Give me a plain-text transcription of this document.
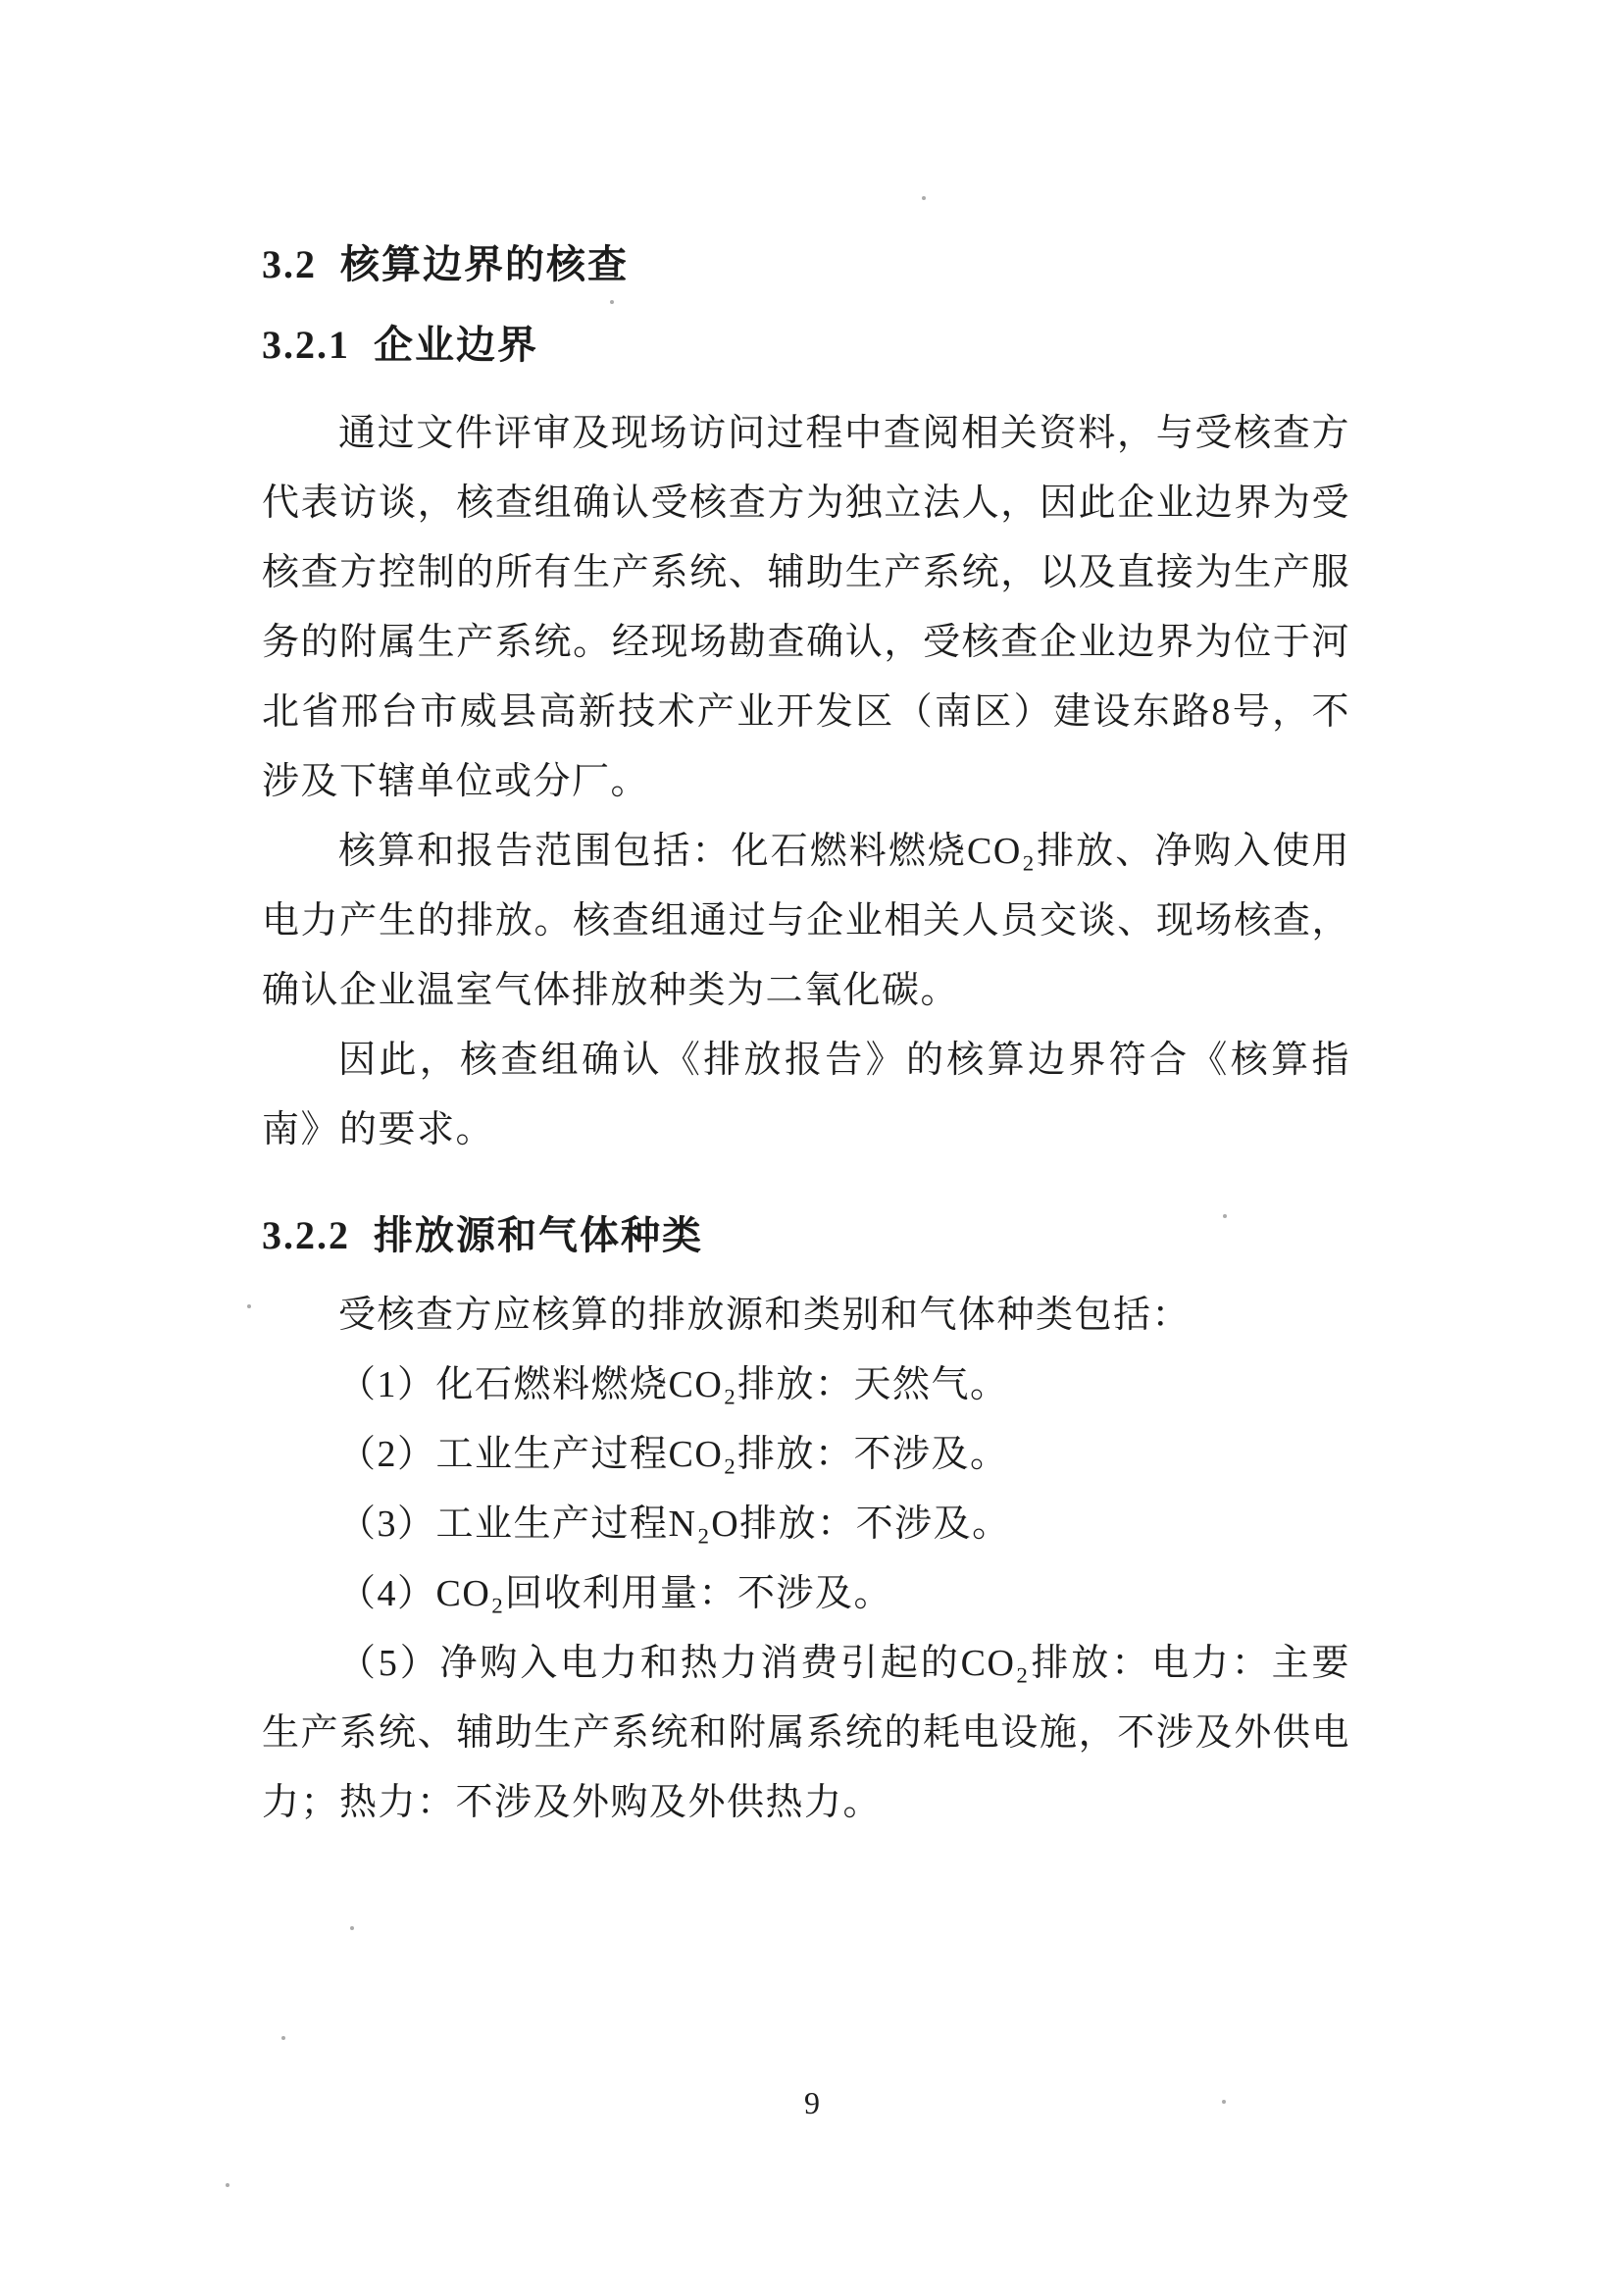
3.2  核算边界的核查
3.2.1  企业边界

通过文件评审及现场访问过程中查阅相关资料，与受核查方代表访谈，核查组确认受核查方为独立法人，因此企业边界为受核查方控制的所有生产系统、辅助生产系统，以及直接为生产服务的附属生产系统。经现场勘查确认，受核查企业边界为位于河北省邢台市威县高新技术产业开发区（南区）建设东路8号，不涉及下辖单位或分厂。

核算和报告范围包括：化石燃料燃烧CO₂排放、净购入使用电力产生的排放。核查组通过与企业相关人员交谈、现场核查，确认企业温室气体排放种类为二氧化碳。

因此，核查组确认《排放报告》的核算边界符合《核算指南》的要求。

3.2.2  排放源和气体种类

受核查方应核算的排放源和类别和气体种类包括：

（1）化石燃料燃烧CO₂排放：天然气。

（2）工业生产过程CO₂排放：不涉及。

（3）工业生产过程N₂O排放：不涉及。

（4）CO₂回收利用量：不涉及。

（5）净购入电力和热力消费引起的CO₂排放：电力：主要生产系统、辅助生产系统和附属系统的耗电设施，不涉及外供电力；热力：不涉及外购及外供热力。

9
